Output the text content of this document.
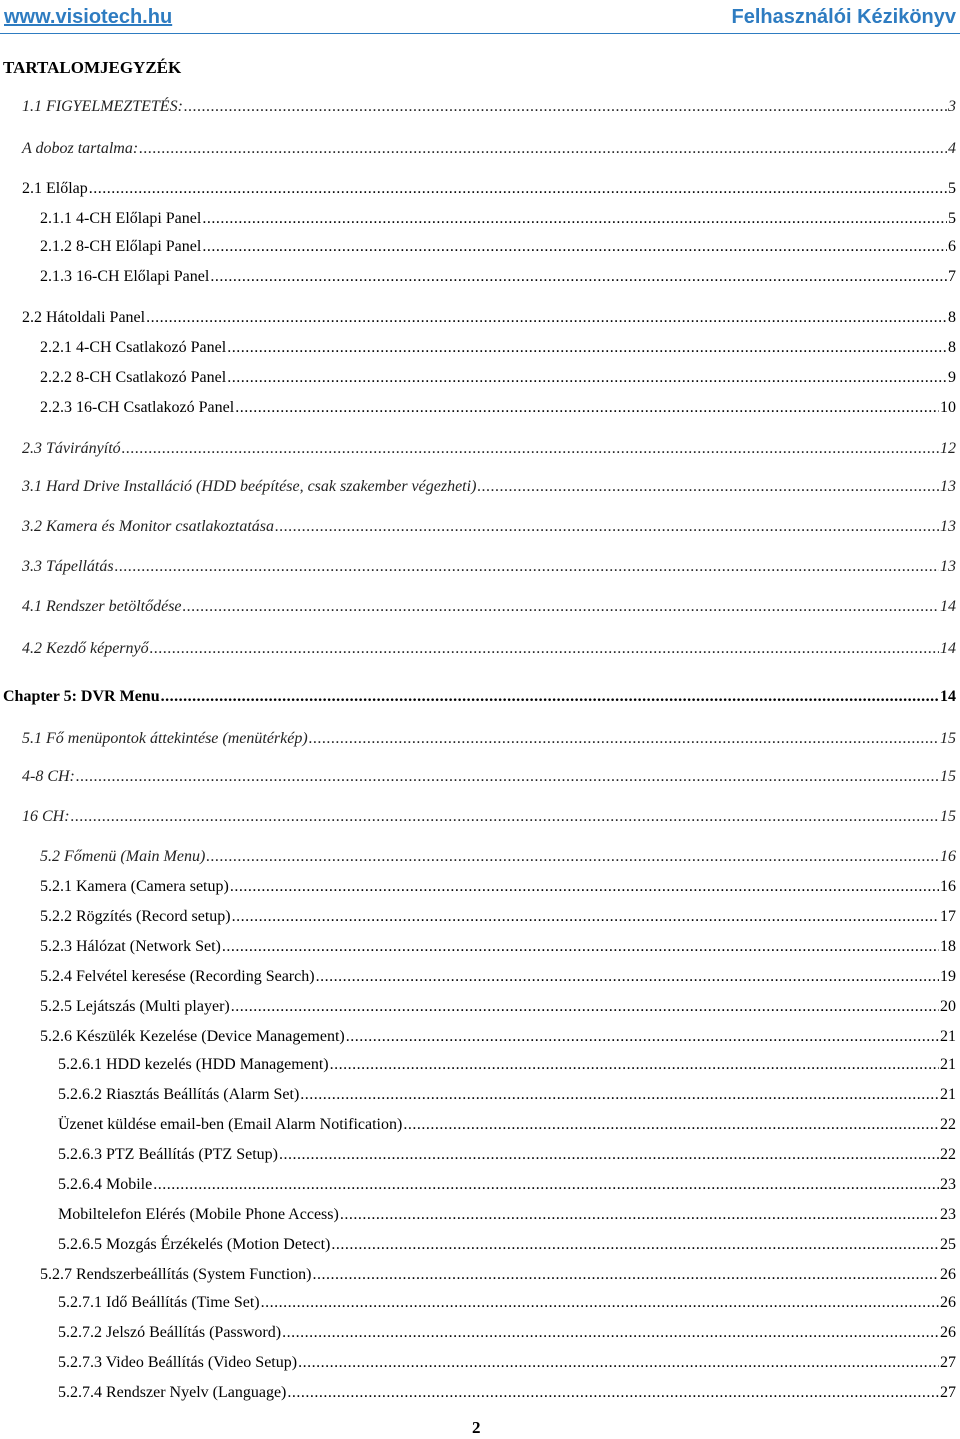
www.visiotech.hu	Felhasználói Kézikönyv
TARTALOMJEGYZÉK
1.1 FIGYELMEZTETÉS: .....	3
A doboz tartalma: .....	4
2.1 Előlap .....	5
2.1.1 4-CH Előlapi Panel .....	5
2.1.2 8-CH Előlapi Panel .....	6
2.1.3 16-CH Előlapi Panel .....	7
2.2 Hátoldali Panel .....	8
2.2.1 4-CH Csatlakozó Panel .....	8
2.2.2 8-CH Csatlakozó Panel .....	9
2.2.3 16-CH Csatlakozó Panel .....	10
2.3 Távirányító .....	12
3.1 Hard Drive Installáció (HDD beépítése, csak szakember végezheti) .....	13
3.2 Kamera és Monitor csatlakoztatása .....	13
3.3 Tápellátás .....	13
4.1 Rendszer betöltődése .....	14
4.2 Kezdő képernyő .....	14
Chapter 5: DVR Menu .....	14
5.1 Fő menüpontok áttekintése (menütérkép) .....	15
4-8 CH: .....	15
16 CH: .....	15
5.2 Főmenü (Main Menu) .....	16
5.2.1 Kamera (Camera setup) .....	16
5.2.2 Rögzítés (Record setup) .....	17
5.2.3 Hálózat (Network Set) .....	18
5.2.4 Felvétel keresése (Recording Search) .....	19
5.2.5 Lejátszás (Multi player) .....	20
5.2.6 Készülék Kezelése (Device Management) .....	21
5.2.6.1 HDD kezelés (HDD Management) .....	21
5.2.6.2 Riasztás Beállítás (Alarm Set) .....	21
Üzenet küldése email-ben (Email Alarm Notification) .....	22
5.2.6.3 PTZ Beállítás (PTZ Setup) .....	22
5.2.6.4 Mobile .....	23
Mobiltelefon Elérés (Mobile Phone Access) .....	23
5.2.6.5 Mozgás Érzékelés (Motion Detect) .....	25
5.2.7 Rendszerbeállítás (System Function) .....	26
5.2.7.1 Idő Beállítás (Time Set) .....	26
5.2.7.2 Jelszó Beállítás (Password) .....	26
5.2.7.3 Video Beállítás (Video Setup) .....	27
5.2.7.4 Rendszer Nyelv (Language) .....	27
2
